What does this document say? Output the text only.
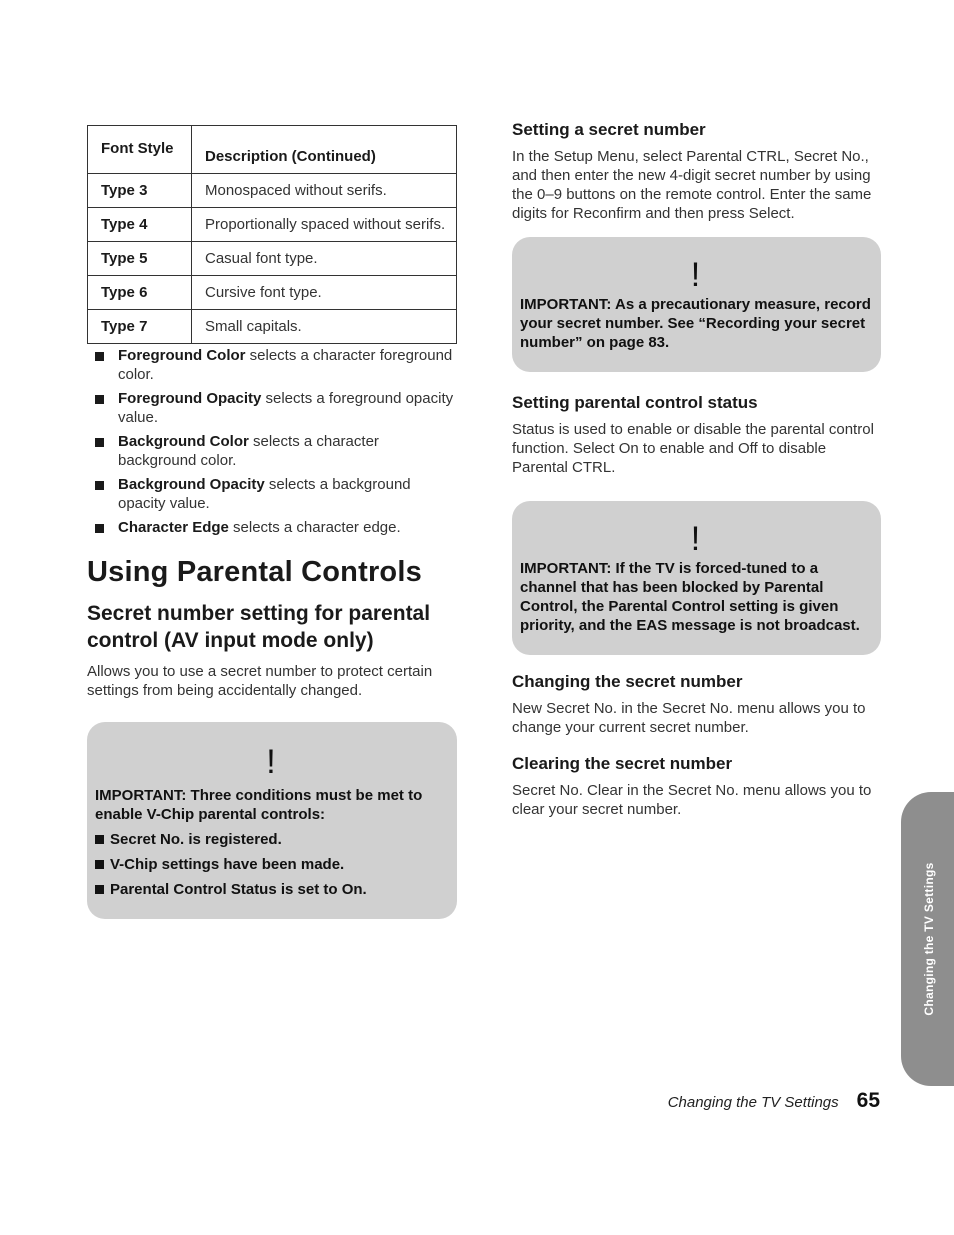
Font Style	Description (Continued)
Type 3	Monospaced without serifs.
Type 4	Proportionally spaced without serifs.
Type 5	Casual font type.
Type 6	Cursive font type.
Type 7	Small capitals.
Foreground Color selects a character foreground color.
Foreground Opacity selects a foreground opacity value.
Background Color selects a character background color.
Background Opacity selects a background opacity value.
Character Edge selects a character edge.
Using Parental Controls
Secret number setting for parental control (AV input mode only)

Allows you to use a secret number to protect certain settings from being accidentally changed.

!
IMPORTANT: Three conditions must be met to enable V-Chip parental controls:
Secret No. is registered.
V-Chip settings have been made.
Parental Control Status is set to On.
Setting a secret number

In the Setup Menu, select Parental CTRL, Secret No., and then enter the new 4-digit secret number by using the 0–9 buttons on the remote control. Enter the same digits for Reconfirm and then press Select.

!
IMPORTANT: As a precautionary measure, record your secret number. See “Recording your secret number” on page 83.
Setting parental control status

Status is used to enable or disable the parental control function. Select On to enable and Off to disable Parental CTRL.

!
IMPORTANT: If the TV is forced-tuned to a channel that has been blocked by Parental Control, the Parental Control setting is given priority, and the EAS message is not broadcast.
Changing the secret number

New Secret No. in the Secret No. menu allows you to change your current secret number.

Clearing the secret number

Secret No. Clear in the Secret No. menu allows you to clear your secret number.

Changing the TV Settings
Changing the TV Settings 65
